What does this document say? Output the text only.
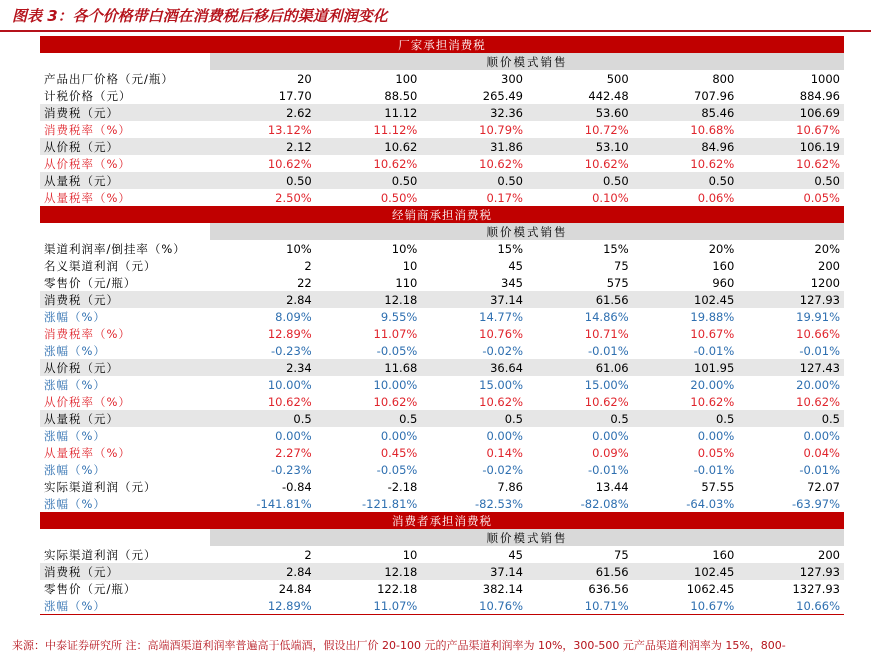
图表 3：各个价格带白酒在消费税后移后的渠道利润变化
厂家承担消费税						
	顺价模式销售					
产品出厂价格（元/瓶）	20	100	300	500	800	1000
计税价格（元）	17.70	88.50	265.49	442.48	707.96	884.96
消费税（元）	2.62	11.12	32.36	53.60	85.46	106.69
消费税率（%）	13.12%	11.12%	10.79%	10.72%	10.68%	10.67%
从价税（元）	2.12	10.62	31.86	53.10	84.96	106.19
从价税率（%）	10.62%	10.62%	10.62%	10.62%	10.62%	10.62%
从量税（元）	0.50	0.50	0.50	0.50	0.50	0.50
从量税率（%）	2.50%	0.50%	0.17%	0.10%	0.06%	0.05%
经销商承担消费税						
	顺价模式销售					
渠道利润率/倒挂率（%）	10%	10%	15%	15%	20%	20%
名义渠道利润（元）	2	10	45	75	160	200
零售价（元/瓶）	22	110	345	575	960	1200
消费税（元）	2.84	12.18	37.14	61.56	102.45	127.93
涨幅（%）	8.09%	9.55%	14.77%	14.86%	19.88%	19.91%
消费税率（%）	12.89%	11.07%	10.76%	10.71%	10.67%	10.66%
涨幅（%）	-0.23%	-0.05%	-0.02%	-0.01%	-0.01%	-0.01%
从价税（元）	2.34	11.68	36.64	61.06	101.95	127.43
涨幅（%）	10.00%	10.00%	15.00%	15.00%	20.00%	20.00%
从价税率（%）	10.62%	10.62%	10.62%	10.62%	10.62%	10.62%
从量税（元）	0.5	0.5	0.5	0.5	0.5	0.5
涨幅（%）	0.00%	0.00%	0.00%	0.00%	0.00%	0.00%
从量税率（%）	2.27%	0.45%	0.14%	0.09%	0.05%	0.04%
涨幅（%）	-0.23%	-0.05%	-0.02%	-0.01%	-0.01%	-0.01%
实际渠道利润（元）	-0.84	-2.18	7.86	13.44	57.55	72.07
涨幅（%）	-141.81%	-121.81%	-82.53%	-82.08%	-64.03%	-63.97%
消费者承担消费税						
	顺价模式销售					
实际渠道利润（元）	2	10	45	75	160	200
消费税（元）	2.84	12.18	37.14	61.56	102.45	127.93
零售价（元/瓶）	24.84	122.18	382.14	636.56	1062.45	1327.93
涨幅（%）	12.89%	11.07%	10.76%	10.71%	10.67%	10.66%
来源：中泰证券研究所 注：高端酒渠道利润率普遍高于低端酒，假设出厂价 20-100 元的产品渠道利润率为 10%，300-500 元产品渠道利润率为 15%，800-
